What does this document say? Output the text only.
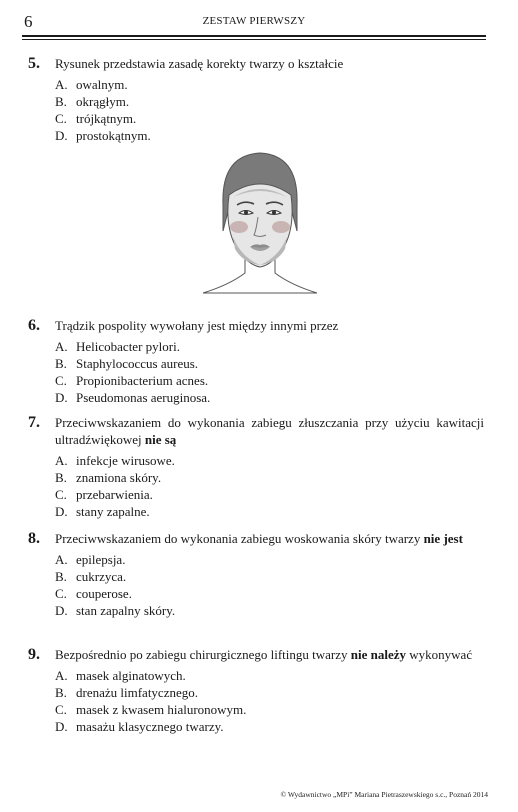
6	ZESTAW PIERWSZY
5. Rysunek przedstawia zasadę korekty twarzy o kształcie
A. owalnym.
B. okrągłym.
C. trójkątnym.
D. prostokątnym.
6. Trądzik pospolity wywołany jest między innymi przez
A. Helicobacter pylori.
B. Staphylococcus aureus.
C. Propionibacterium acnes.
D. Pseudomonas aeruginosa.
7. Przeciwwskazaniem do wykonania zabiegu złuszczania przy użyciu kawitacji ultradźwiękowej nie są
A. infekcje wirusowe.
B. znamiona skóry.
C. przebarwienia.
D. stany zapalne.
8. Przeciwwskazaniem do wykonania zabiegu woskowania skóry twarzy nie jest
A. epilepsja.
B. cukrzyca.
C. couperose.
D. stan zapalny skóry.
9. Bezpośrednio po zabiegu chirurgicznego liftingu twarzy nie należy wykonywać
A. masek alginatowych.
B. drenażu limfatycznego.
C. masek z kwasem hialuronowym.
D. masażu klasycznego twarzy.
© Wydawnictwo „MPi” Mariana Pietraszewskiego s.c., Poznań 2014
